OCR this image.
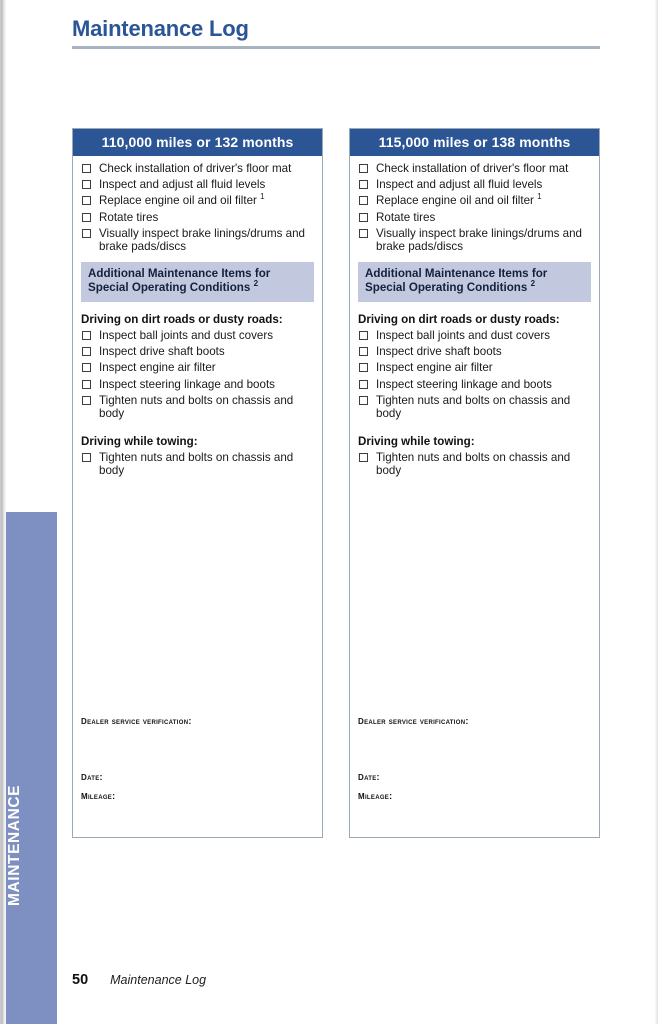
MAINTENANCE
Maintenance Log
110,000 miles or 132 months
Check installation of driver's floor mat
Inspect and adjust all fluid levels
Replace engine oil and oil filter $^1$
Rotate tires
Visually inspect brake linings/drums and brake pads/discs
Additional Maintenance Items for
Special Operating Conditions $^2$
Driving on dirt roads or dusty roads:
Inspect ball joints and dust covers
Inspect drive shaft boots
Inspect engine air filter
Inspect steering linkage and boots
Tighten nuts and bolts on chassis and body
Driving while towing:
Tighten nuts and bolts on chassis and body
dealer service verification:
date:
mileage:
115,000 miles or 138 months
Check installation of driver's floor mat
Inspect and adjust all fluid levels
Replace engine oil and oil filter $^1$
Rotate tires
Visually inspect brake linings/drums and brake pads/discs
Additional Maintenance Items for
Special Operating Conditions $^2$
Driving on dirt roads or dusty roads:
Inspect ball joints and dust covers
Inspect drive shaft boots
Inspect engine air filter
Inspect steering linkage and boots
Tighten nuts and bolts on chassis and body
Driving while towing:
Tighten nuts and bolts on chassis and body
dealer service verification:
date:
mileage:
50 Maintenance Log
